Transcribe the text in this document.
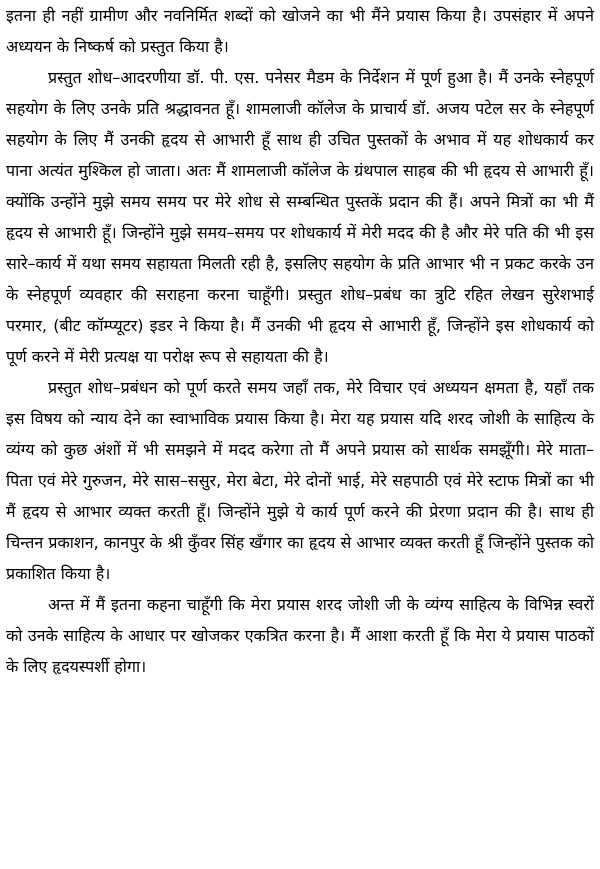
इतना ही नहीं ग्रामीण और नवनिर्मित शब्दों को खोजने का भी मैंने प्रयास किया है। उपसंहार में अपने अध्ययन के निष्कर्ष को प्रस्तुत किया है।

प्रस्तुत शोध–आदरणीया डॉ. पी. एस. पनेसर मैडम के निर्देशन में पूर्ण हुआ है। मैं उनके स्नेहपूर्ण सहयोग के लिए उनके प्रति श्रद्धावनत हूँ। शामलाजी कॉलेज के प्राचार्य डॉ. अजय पटेल सर के स्नेहपूर्ण सहयोग के लिए मैं उनकी हृदय से आभारी हूँ साथ ही उचित पुस्तकों के अभाव में यह शोधकार्य कर पाना अत्यंत मुश्किल हो जाता। अतः मैं शामलाजी कॉलेज के ग्रंथपाल साहब की भी हृदय से आभारी हूँ। क्योंकि उन्होंने मुझे समय समय पर मेरे शोध से सम्बन्धित पुस्तकें प्रदान की हैं। अपने मित्रों का भी मैं हृदय से आभारी हूँ। जिन्होंने मुझे समय–समय पर शोधकार्य में मेरी मदद की है और मेरे पति की भी इस सारे–कार्य में यथा समय सहायता मिलती रही है, इसलिए सहयोग के प्रति आभार भी न प्रकट करके उन के स्नेहपूर्ण व्यवहार की सराहना करना चाहूँगी। प्रस्तुत शोध–प्रबंध का त्रुटि रहित लेखन सुरेशभाई परमार, (बीट कॉम्प्यूटर) इडर ने किया है। मैं उनकी भी हृदय से आभारी हूँ, जिन्होंने इस शोधकार्य को पूर्ण करने में मेरी प्रत्यक्ष या परोक्ष रूप से सहायता की है।

प्रस्तुत शोध–प्रबंधन को पूर्ण करते समय जहाँ तक, मेरे विचार एवं अध्ययन क्षमता है, यहाँ तक इस विषय को न्याय देने का स्वाभाविक प्रयास किया है। मेरा यह प्रयास यदि शरद जोशी के साहित्य के व्यंग्य को कुछ अंशों में भी समझने में मदद करेगा तो मैं अपने प्रयास को सार्थक समझूँगी। मेरे माता–पिता एवं मेरे गुरुजन, मेरे सास–ससुर, मेरा बेटा, मेरे दोनों भाई, मेरे सहपाठी एवं मेरे स्टाफ मित्रों का भी मैं हृदय से आभार व्यक्त करती हूँ। जिन्होंने मुझे ये कार्य पूर्ण करने की प्रेरणा प्रदान की है। साथ ही चिन्तन प्रकाशन, कानपुर के श्री कुँवर सिंह खँगार का हृदय से आभार व्यक्त करती हूँ जिन्होंने पुस्तक को प्रकाशित किया है।

अन्त में मैं इतना कहना चाहूँगी कि मेरा प्रयास शरद जोशी जी के व्यंग्य साहित्य के विभिन्न स्वरों को उनके साहित्य के आधार पर खोजकर एकत्रित करना है। मैं आशा करती हूँ कि मेरा ये प्रयास पाठकों के लिए हृदयस्पर्शी होगा।
